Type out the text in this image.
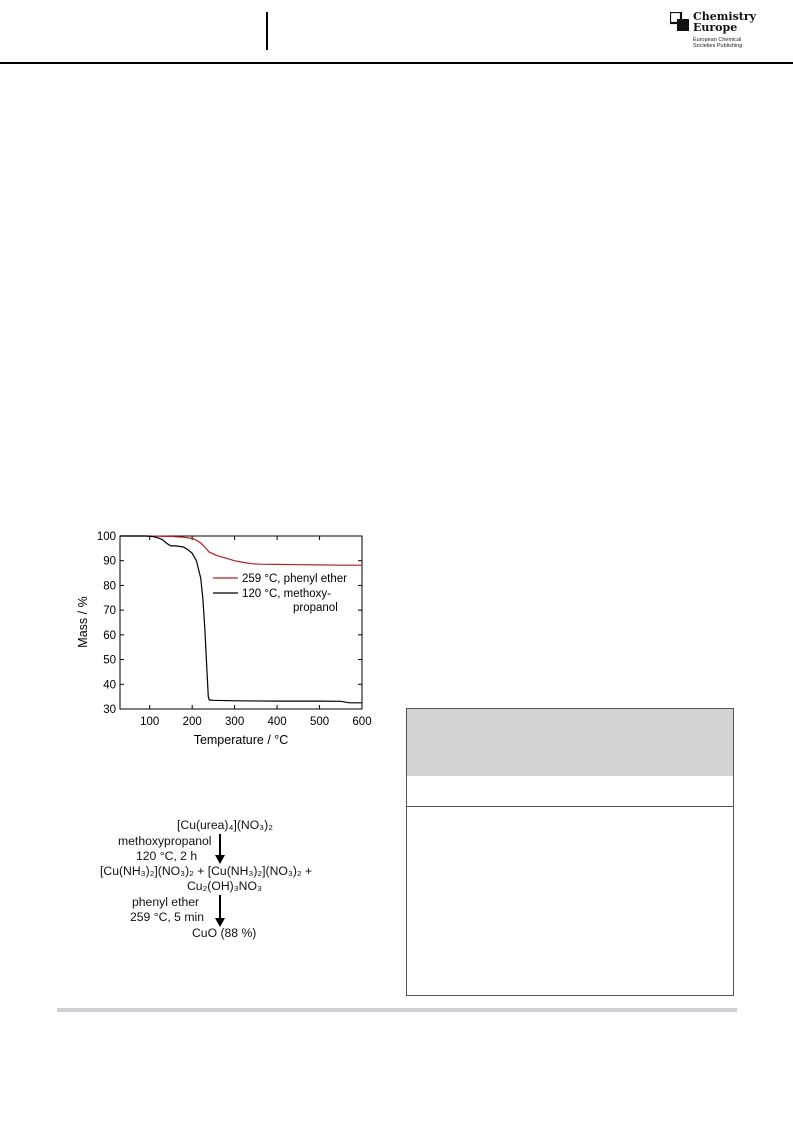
Chemistry
Europe
European Chemical
Societies Publishing
30
40
50
60
70
80
90
100
100 200 300 400 500 600
259 °C, phenyl ether
120 °C, methoxy-
propanol
Temperature / °C
Mass / %
[Cu(urea)₄](NO₃)₂
methoxypropanol
120 °C, 2 h
[Cu(NH₃)₂](NO₃)₂ + [Cu(NH₃)₂](NO₃)₂ +
Cu₂(OH)₃NO₃
phenyl ether
259 °C, 5 min
CuO (88 %)
